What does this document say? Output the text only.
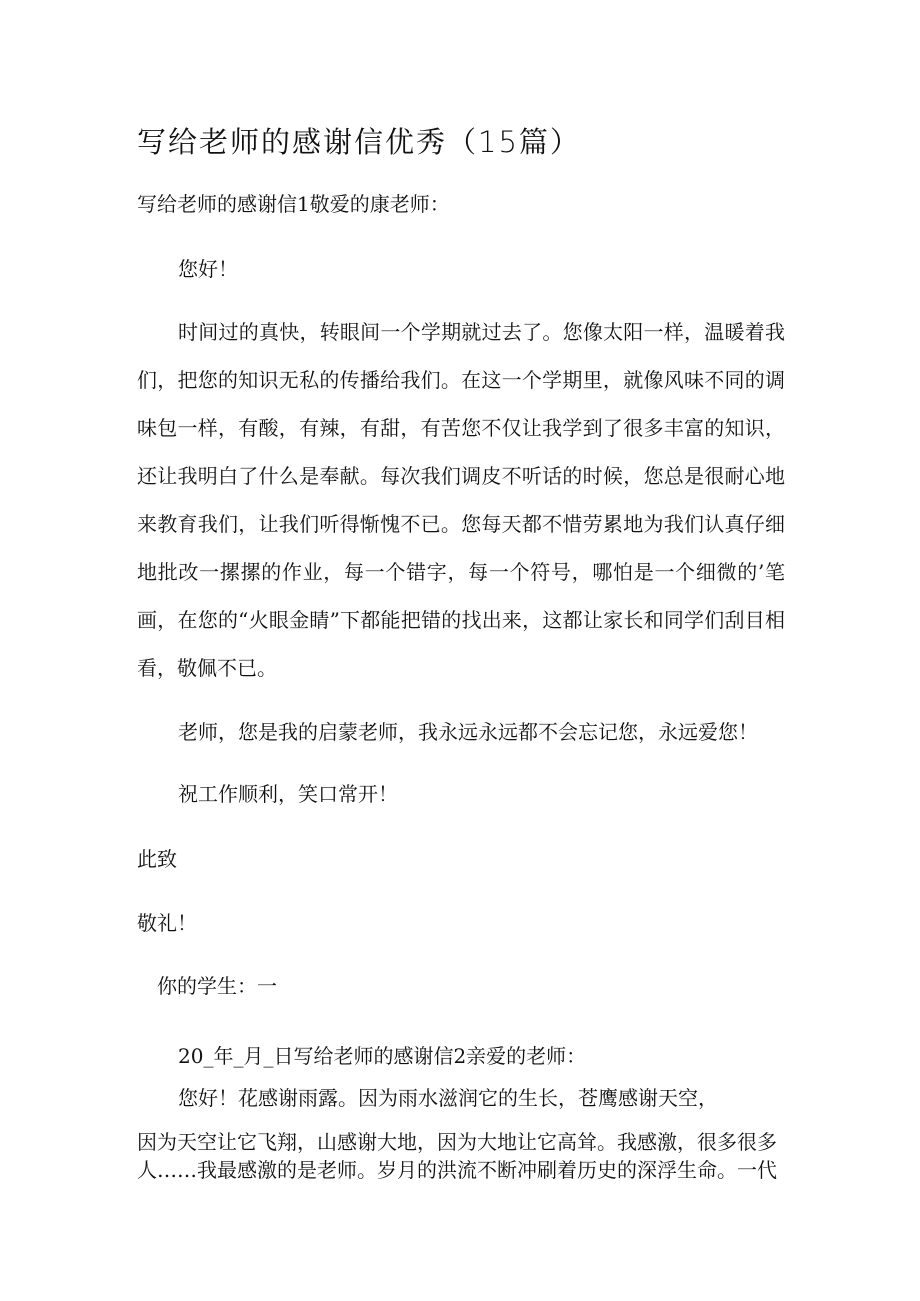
写给老师的感谢信优秀（15篇）
写给老师的感谢信1敬爱的康老师：
您好！
时间过的真快，转眼间一个学期就过去了。您像太阳一样，温暖着我们，把您的知识无私的传播给我们。在这一个学期里，就像风味不同的调味包一样，有酸，有辣，有甜，有苦您不仅让我学到了很多丰富的知识，还让我明白了什么是奉献。每次我们调皮不听话的时候，您总是很耐心地来教育我们，让我们听得惭愧不已。您每天都不惜劳累地为我们认真仔细地批改一摞摞的作业，每一个错字，每一个符号，哪怕是一个细微的’笔画，在您的“火眼金睛”下都能把错的找出来，这都让家长和同学们刮目相看，敬佩不已。
老师，您是我的启蒙老师，我永远永远都不会忘记您，永远爱您！
祝工作顺利，笑口常开！
此致
敬礼！
你的学生：一
20_年_月_日写给老师的感谢信2亲爱的老师：
您好！花感谢雨露。因为雨水滋润它的生长，苍鹰感谢天空，
因为天空让它飞翔，山感谢大地，因为大地让它高耸。我感激，很多很多人……我最感激的是老师。岁月的洪流不断冲刷着历史的深浮生命。一代
